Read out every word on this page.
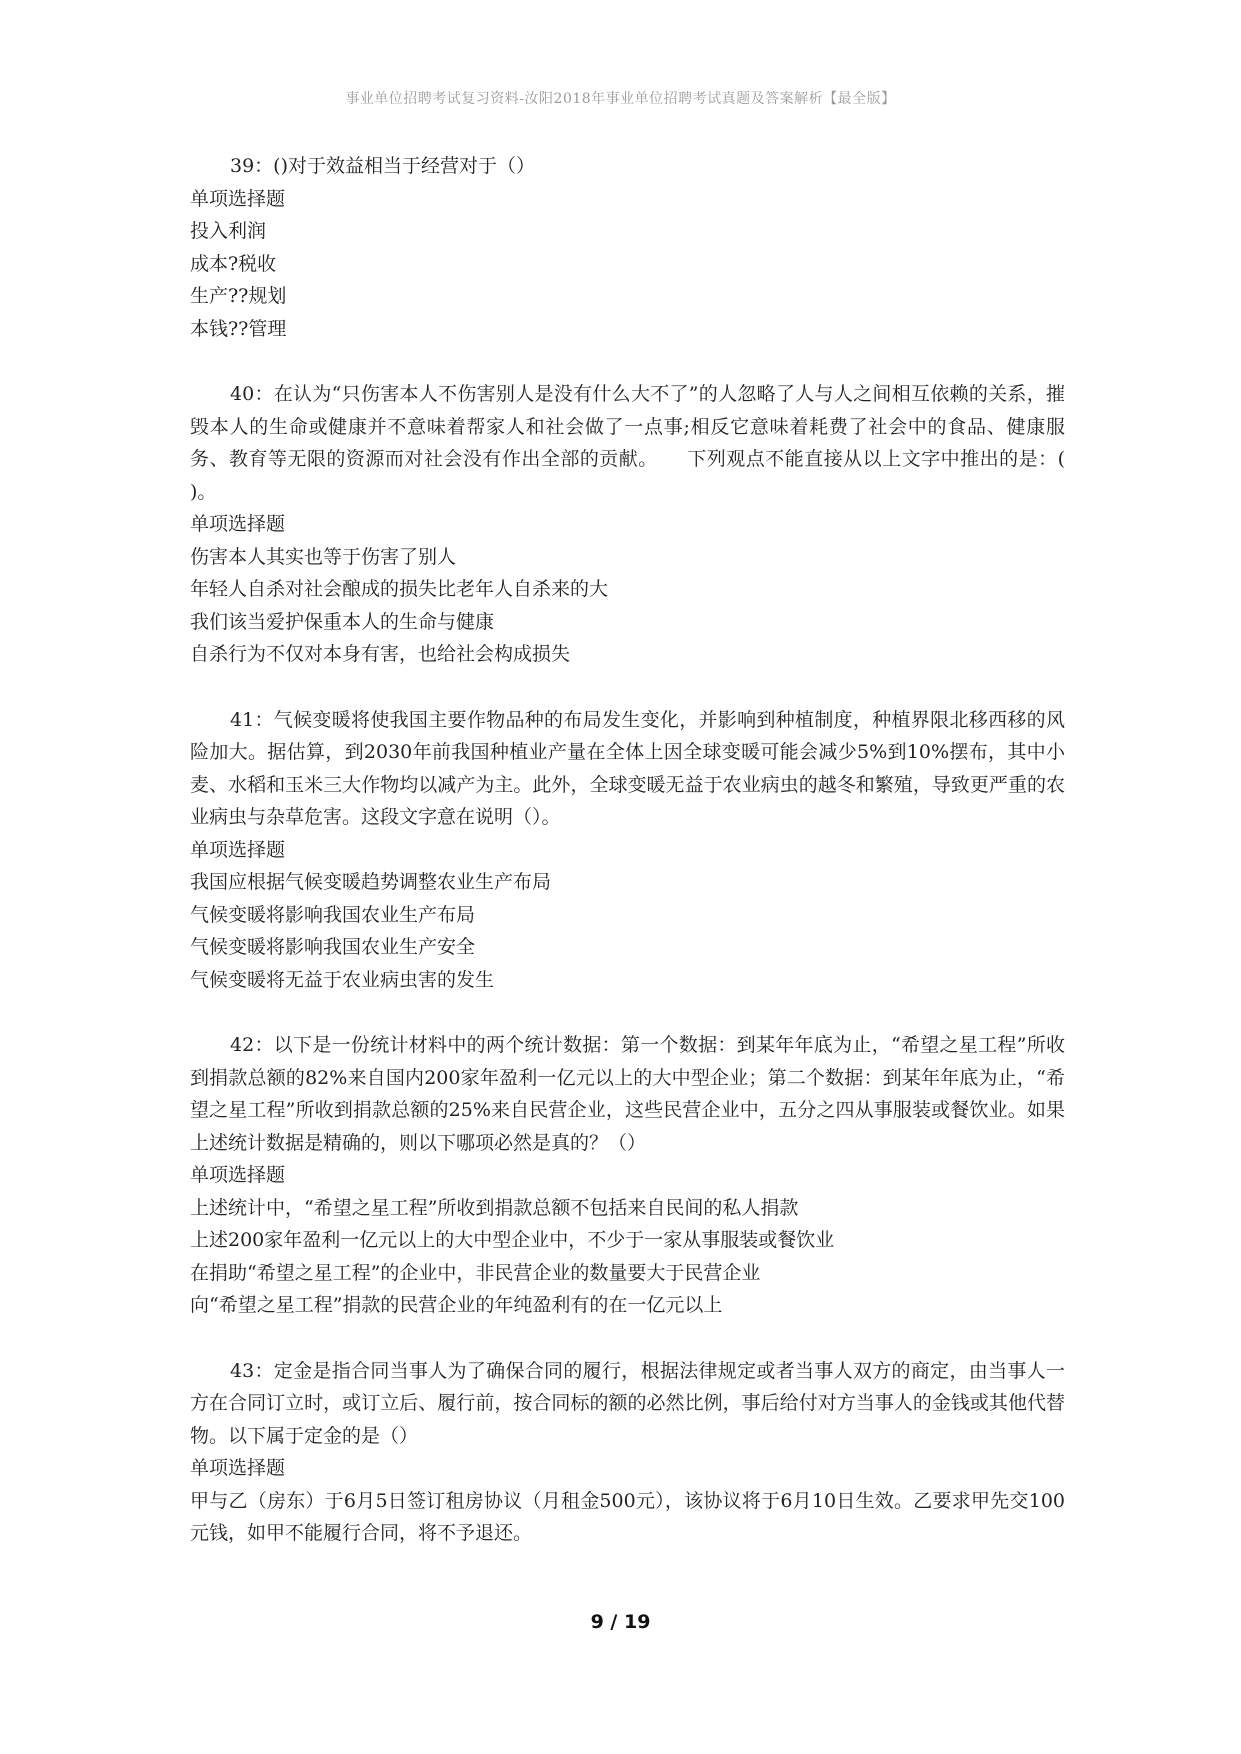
事业单位招聘考试复习资料-汝阳2018年事业单位招聘考试真题及答案解析【最全版】
39：()对于效益相当于经营对于（）
单项选择题
投入利润
成本?税收
生产??规划
本钱??管理
40：在认为“只伤害本人不伤害别人是没有什么大不了”的人忽略了人与人之间相互依赖的关系，摧毁本人的生命或健康并不意味着帮家人和社会做了一点事;相反它意味着耗费了社会中的食品、健康服务、教育等无限的资源而对社会没有作出全部的贡献。　　下列观点不能直接从以上文字中推出的是：( )。
单项选择题
伤害本人其实也等于伤害了别人
年轻人自杀对社会酿成的损失比老年人自杀来的大
我们该当爱护保重本人的生命与健康
自杀行为不仅对本身有害，也给社会构成损失
41：气候变暖将使我国主要作物品种的布局发生变化，并影响到种植制度，种植界限北移西移的风险加大。据估算，到2030年前我国种植业产量在全体上因全球变暖可能会减少5%到10%摆布，其中小麦、水稻和玉米三大作物均以减产为主。此外，全球变暖无益于农业病虫的越冬和繁殖，导致更严重的农业病虫与杂草危害。这段文字意在说明（）。
单项选择题
我国应根据气候变暖趋势调整农业生产布局
气候变暖将影响我国农业生产布局
气候变暖将影响我国农业生产安全
气候变暖将无益于农业病虫害的发生
42：以下是一份统计材料中的两个统计数据：第一个数据：到某年年底为止，“希望之星工程”所收到捐款总额的82%来自国内200家年盈利一亿元以上的大中型企业；第二个数据：到某年年底为止，“希望之星工程”所收到捐款总额的25%来自民营企业，这些民营企业中，五分之四从事服装或餐饮业。如果上述统计数据是精确的，则以下哪项必然是真的？（）
单项选择题
上述统计中，“希望之星工程”所收到捐款总额不包括来自民间的私人捐款
上述200家年盈利一亿元以上的大中型企业中，不少于一家从事服装或餐饮业
在捐助“希望之星工程”的企业中，非民营企业的数量要大于民营企业
向“希望之星工程”捐款的民营企业的年纯盈利有的在一亿元以上
43：定金是指合同当事人为了确保合同的履行，根据法律规定或者当事人双方的商定，由当事人一方在合同订立时，或订立后、履行前，按合同标的额的必然比例，事后给付对方当事人的金钱或其他代替物。以下属于定金的是（）
单项选择题
甲与乙（房东）于6月5日签订租房协议（月租金500元），该协议将于6月10日生效。乙要求甲先交100元钱，如甲不能履行合同，将不予退还。
9 / 19
